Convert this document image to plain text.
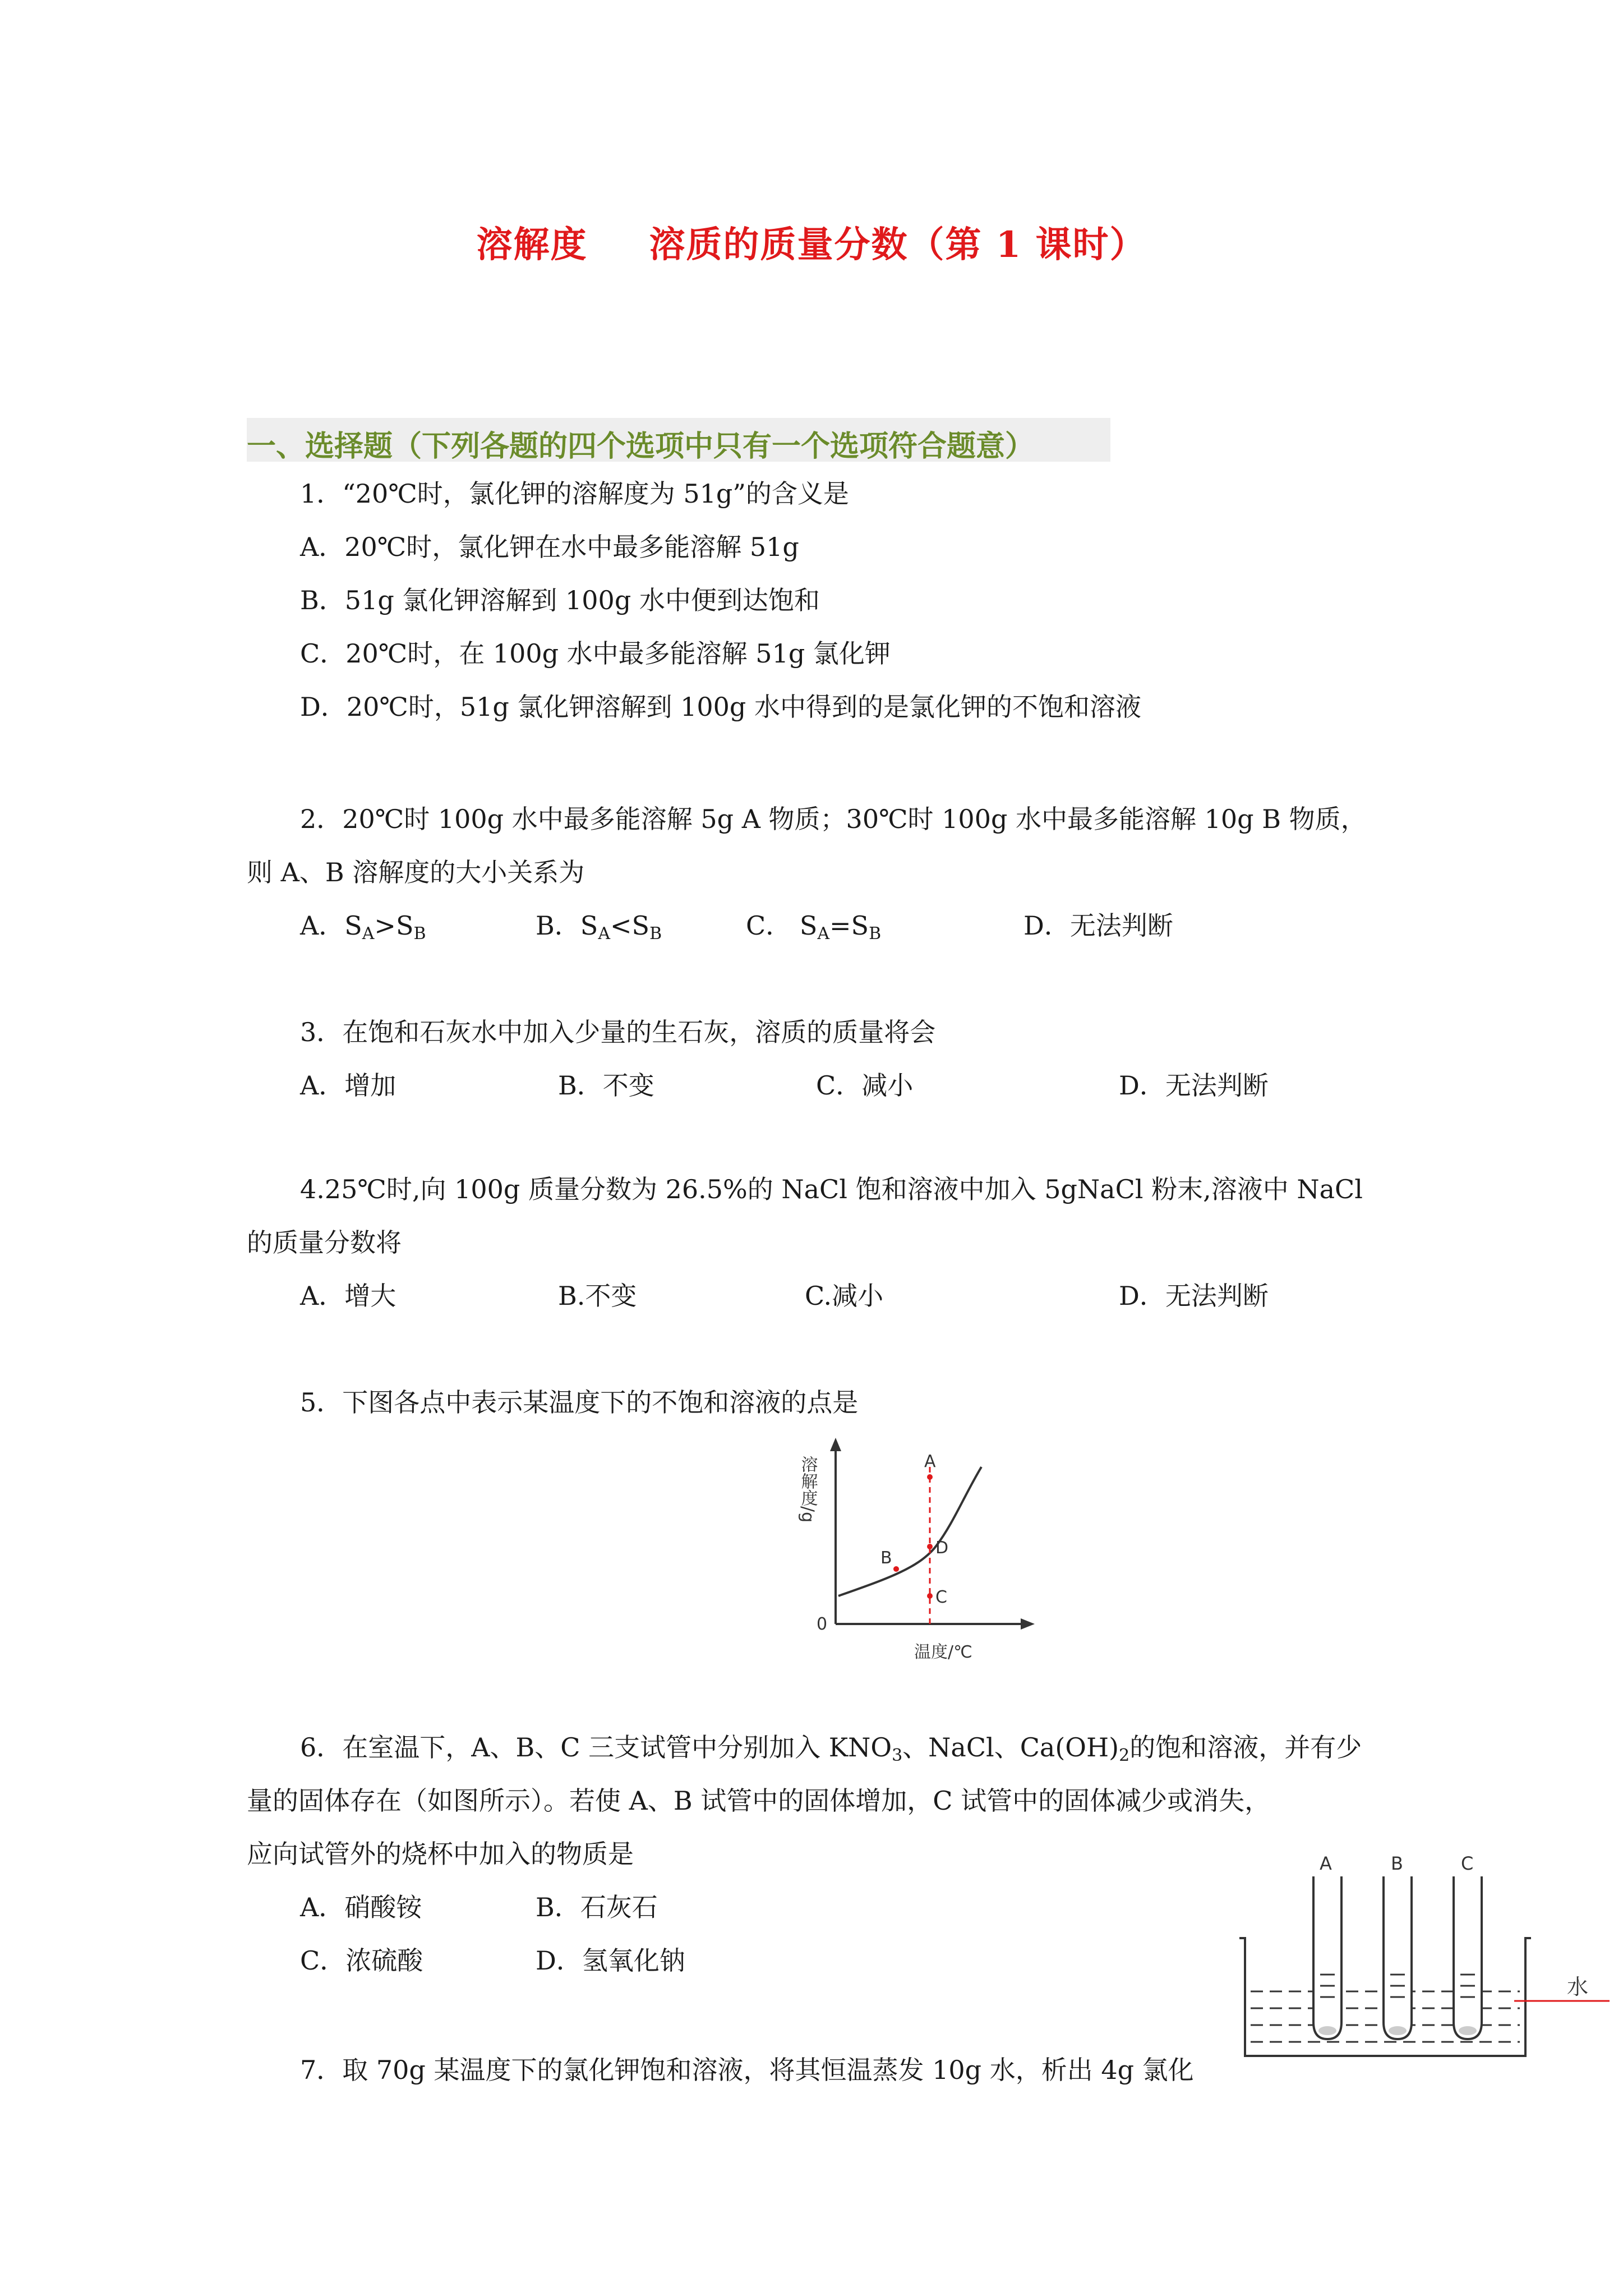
溶解度 溶质的质量分数（第 1 课时）
一、选择题（下列各题的四个选项中只有一个选项符合题意）
1．“20℃时，氯化钾的溶解度为 51g”的含义是
A．20℃时，氯化钾在水中最多能溶解 51g
B．51g 氯化钾溶解到 100g 水中便到达饱和
C．20℃时，在 100g 水中最多能溶解 51g 氯化钾
D．20℃时，51g 氯化钾溶解到 100g 水中得到的是氯化钾的不饱和溶液
2．20℃时 100g 水中最多能溶解 5g A 物质；30℃时 100g 水中最多能溶解 10g B 物质，
则 A、B 溶解度的大小关系为
A．$S_A>S_B$	B．$S_A<S_B$	C． $S_A=S_B$	D．无法判断
3．在饱和石灰水中加入少量的生石灰，溶质的质量将会
A．增加	B．不变	C．减小	D．无法判断
4.25℃时,向 100g 质量分数为 26.5%的 NaCl 饱和溶液中加入 5gNaCl 粉末,溶液中 NaCl
的质量分数将
A．增大	B.不变	C.减小	D．无法判断
5．下图各点中表示某温度下的不饱和溶液的点是
A
B
C
D
0
溶解度/g
温度/℃
6．在室温下，A、B、C 三支试管中分别加入 $KNO_3$、NaCl、$Ca(OH)_2$的饱和溶液，并有少
量的固体存在（如图所示）。若使 A、B 试管中的固体增加，C 试管中的固体减少或消失，
应向试管外的烧杯中加入的物质是
A．硝酸铵	B．石灰石
C．浓硫酸	D．氢氧化钠
A	B	C
水
7．取 70g 某温度下的氯化钾饱和溶液，将其恒温蒸发 10g 水，析出 4g 氯化
